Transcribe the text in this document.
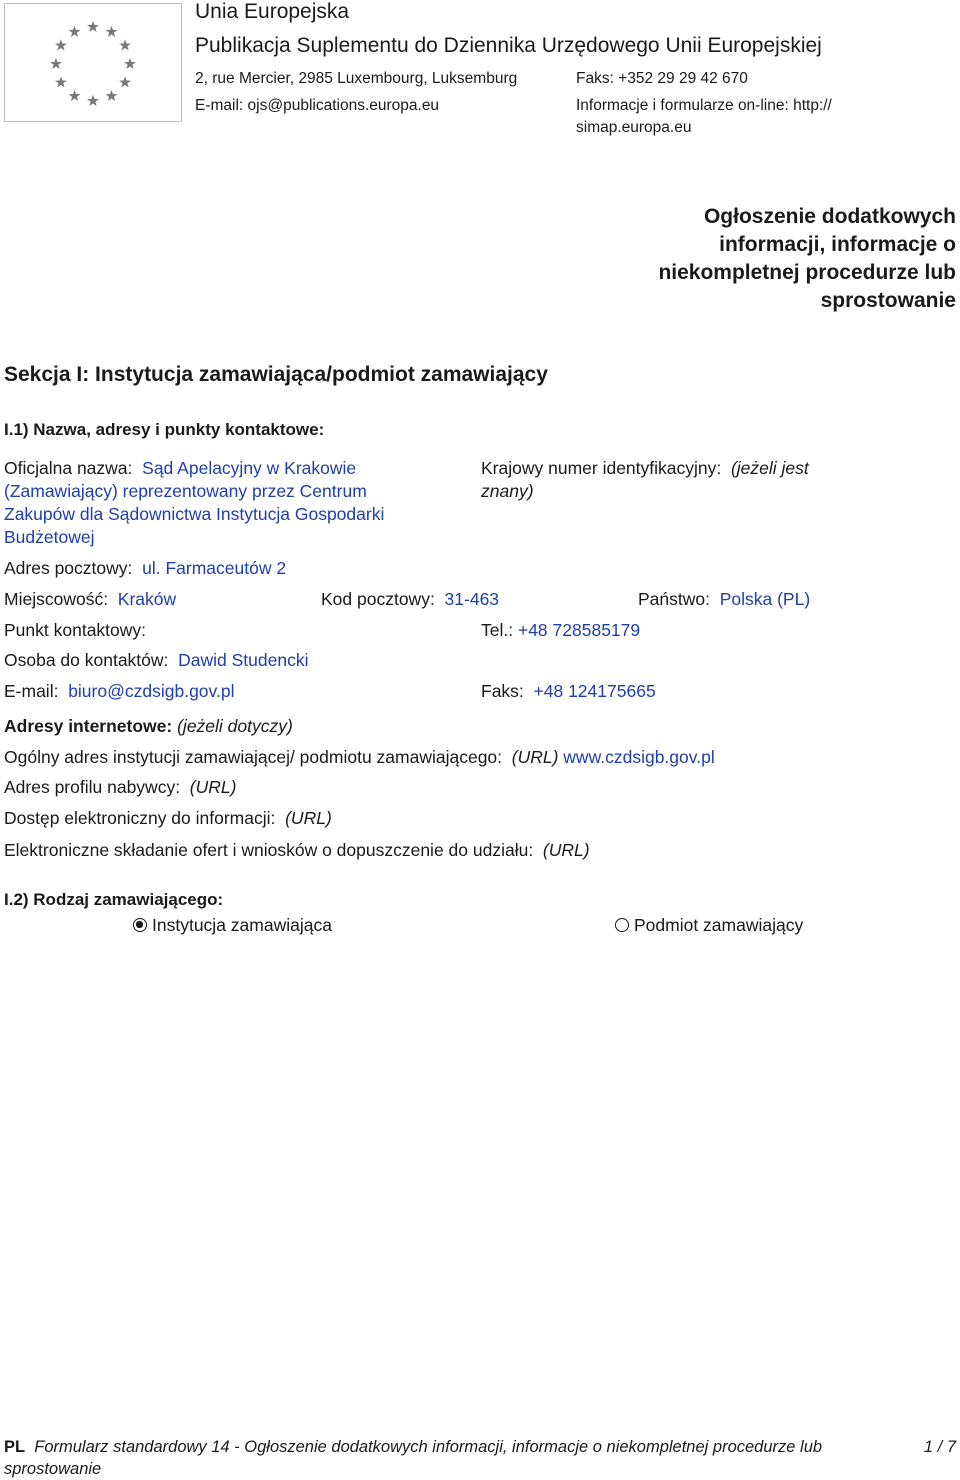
Unia Europejska
Publikacja Suplementu do Dziennika Urzędowego Unii Europejskiej
2, rue Mercier, 2985 Luxembourg, Luksemburg	Faks: +352 29 29 42 670
E-mail: ojs@publications.europa.eu	Informacje i formularze on-line: http://
simap.europa.eu
Ogłoszenie dodatkowych
informacji, informacje o
niekompletnej procedurze lub
sprostowanie
Sekcja I: Instytucja zamawiająca/podmiot zamawiający
I.1) Nazwa, adresy i punkty kontaktowe:
Oficjalna nazwa: Sąd Apelacyjny w Krakowie
(Zamawiający) reprezentowany przez Centrum
Zakupów dla Sądownictwa Instytucja Gospodarki
Budżetowej
Krajowy numer identyfikacyjny: (jeżeli jest
znany)
Adres pocztowy: ul. Farmaceutów 2
Miejscowość: Kraków	Kod pocztowy: 31-463	Państwo: Polska (PL)
Punkt kontaktowy:	Tel.: +48 728585179
Osoba do kontaktów: Dawid Studencki
E-mail: biuro@czdsigb.gov.pl	Faks: +48 124175665
Adresy internetowe: (jeżeli dotyczy)
Ogólny adres instytucji zamawiającej/ podmiotu zamawiającego: (URL) www.czdsigb.gov.pl
Adres profilu nabywcy: (URL)
Dostęp elektroniczny do informacji: (URL)
Elektroniczne składanie ofert i wniosków o dopuszczenie do udziału: (URL)
I.2) Rodzaj zamawiającego:
Instytucja zamawiająca	Podmiot zamawiający
PL Formularz standardowy 14 - Ogłoszenie dodatkowych informacji, informacje o niekompletnej procedurze lub
sprostowanie
1 / 7
